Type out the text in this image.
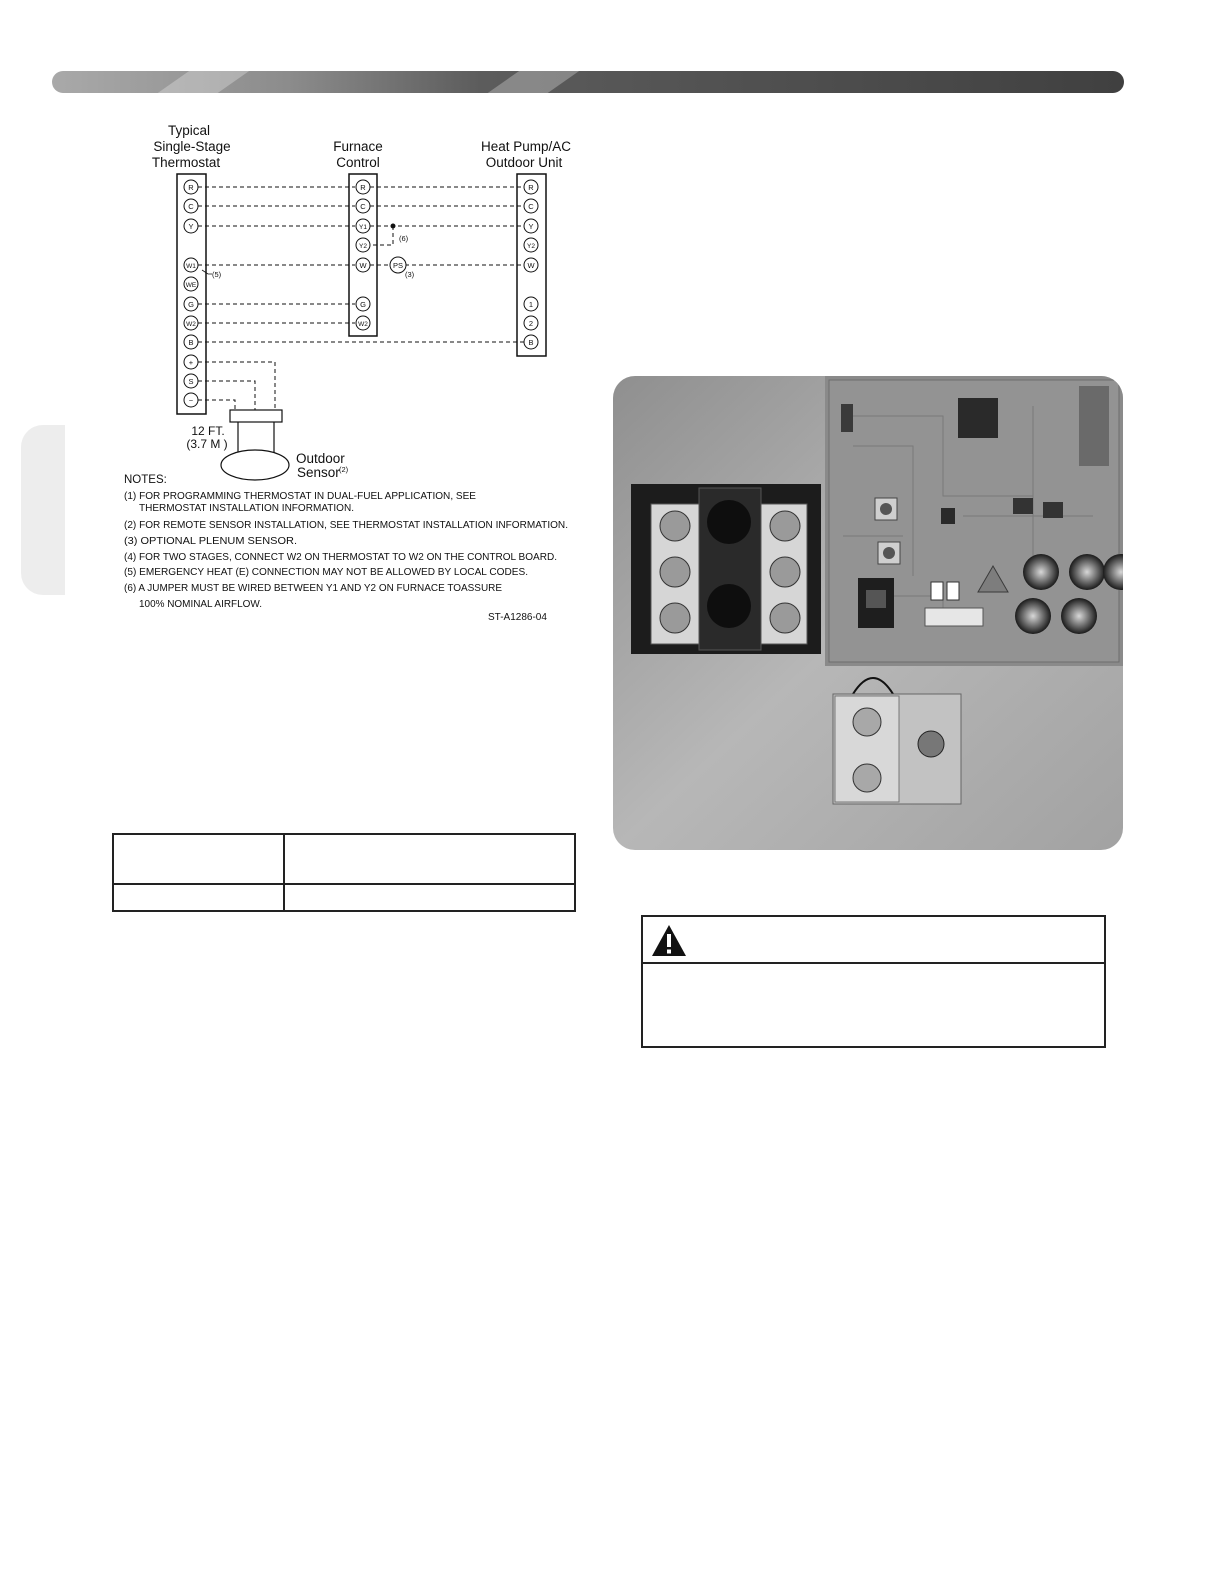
Typical
Single-Stage
Thermostat
Furnace
Control
Heat Pump/AC
Outdoor Unit
R
C
Y
W1
WE
G
W2
B
+
S
−
(5)
R
C
Y1
Y2
W
G
W2
(6)
PS
(3)
R
C
Y
Y2
W
1
2
B
12 FT.
(3.7 M )
Outdoor
Sensor (2)
NOTES:
(1) FOR PROGRAMMING THERMOSTAT IN DUAL-FUEL APPLICATION, SEE
THERMOSTAT INSTALLATION INFORMATION.
(2) FOR REMOTE SENSOR INSTALLATION, SEE THERMOSTAT INSTALLATION INFORMATION.
(3) OPTIONAL PLENUM SENSOR.
(4) FOR TWO STAGES, CONNECT W2 ON THERMOSTAT TO W2 ON THE CONTROL BOARD.
(5) EMERGENCY HEAT (E) CONNECTION MAY NOT BE ALLOWED BY LOCAL CODES.
(6) A JUMPER MUST BE WIRED BETWEEN Y1 AND Y2 ON FURNACE TOASSURE
100% NOMINAL AIRFLOW.
ST-A1286-04
